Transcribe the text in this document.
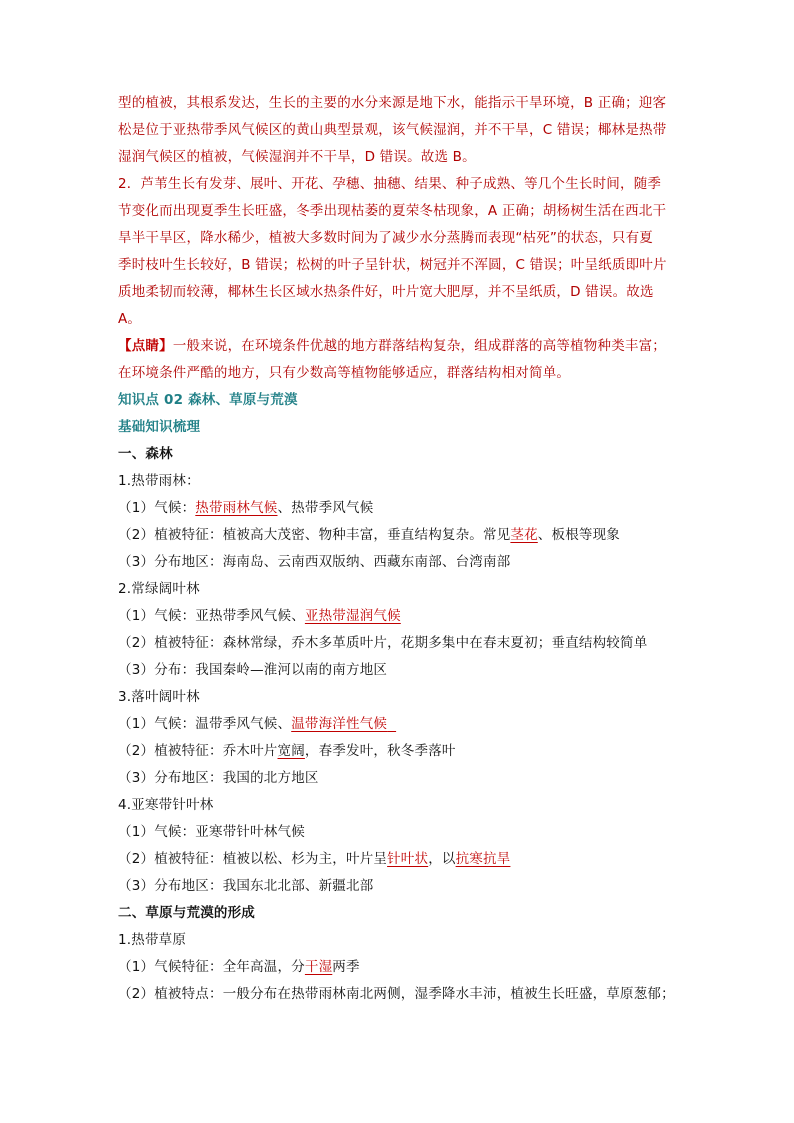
型的植被，其根系发达，生长的主要的水分来源是地下水，能指示干旱环境，B 正确；迎客
松是位于亚热带季风气候区的黄山典型景观，该气候湿润，并不干旱，C 错误；椰林是热带
湿润气候区的植被，气候湿润并不干旱，D 错误。故选 B。
2．芦苇生长有发芽、展叶、开花、孕穗、抽穗、结果、种子成熟、等几个生长时间，随季
节变化而出现夏季生长旺盛，冬季出现枯萎的夏荣冬枯现象，A 正确；胡杨树生活在西北干
旱半干旱区，降水稀少，植被大多数时间为了减少水分蒸腾而表现“枯死”的状态，只有夏
季时枝叶生长较好，B 错误；松树的叶子呈针状，树冠并不浑圆，C 错误；叶呈纸质即叶片
质地柔韧而较薄，椰林生长区域水热条件好，叶片宽大肥厚，并不呈纸质，D 错误。故选
A。
【点睛】一般来说，在环境条件优越的地方群落结构复杂，组成群落的高等植物种类丰富；
在环境条件严酷的地方，只有少数高等植物能够适应，群落结构相对简单。
知识点 02 森林、草原与荒漠
基础知识梳理
一、森林
1.热带雨林：
（1）气候：热带雨林气候、热带季风气候
（2）植被特征：植被高大茂密、物种丰富，垂直结构复杂。常见茎花、板根等现象
（3）分布地区：海南岛、云南西双版纳、西藏东南部、台湾南部
2.常绿阔叶林
（1）气候：亚热带季风气候、亚热带湿润气候
（2）植被特征：森林常绿，乔木多革质叶片，花期多集中在春末夏初；垂直结构较简单
（3）分布：我国秦岭—淮河以南的南方地区
3.落叶阔叶林
（1）气候：温带季风气候、温带海洋性气候
（2）植被特征：乔木叶片宽阔，春季发叶，秋冬季落叶
（3）分布地区：我国的北方地区
4.亚寒带针叶林
（1）气候：亚寒带针叶林气候
（2）植被特征：植被以松、杉为主，叶片呈针叶状，以抗寒抗旱
（3）分布地区：我国东北北部、新疆北部
二、草原与荒漠的形成
1.热带草原
（1）气候特征：全年高温，分干湿两季
（2）植被特点：一般分布在热带雨林南北两侧，湿季降水丰沛，植被生长旺盛，草原葱郁；
